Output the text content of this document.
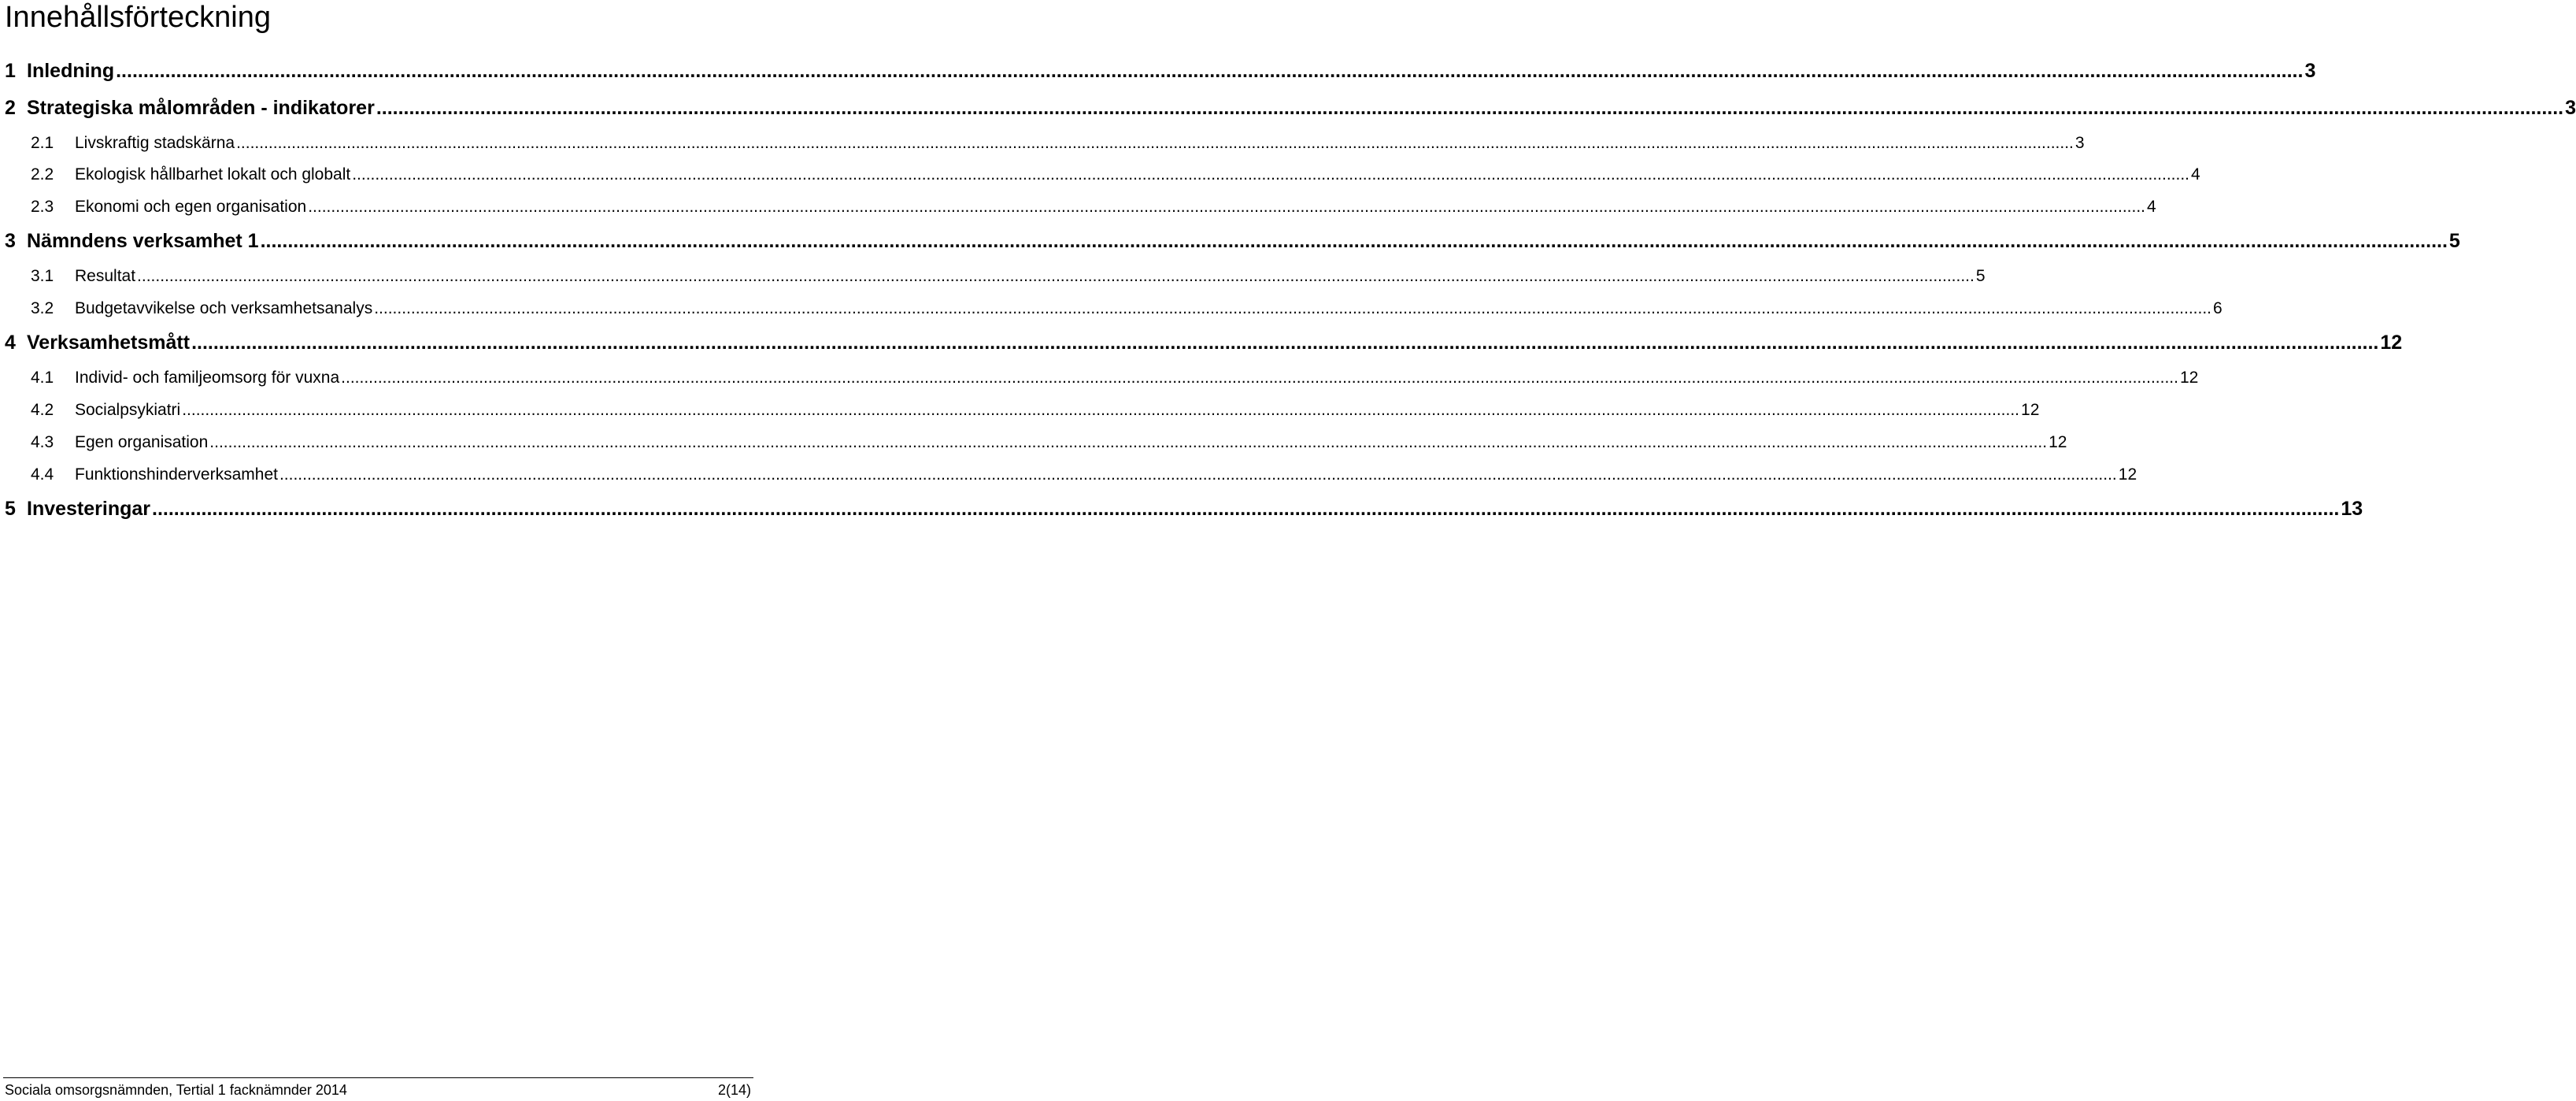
Innehållsförteckning
1 Inledning ................................................................................................................................................................................................................................................................................................................................................................................................................ 3
2 Strategiska målområden - indikatorer ................................................................................................................................................................................................................................................................................................................................................................................................................ 3
2.1	Livskraftig stadskärna ................................................................................................................................................................................................................................................................................................................................................................................................................ 3
2.2	Ekologisk hållbarhet lokalt och globalt ................................................................................................................................................................................................................................................................................................................................................................................................................ 4
2.3	Ekonomi och egen organisation ................................................................................................................................................................................................................................................................................................................................................................................................................ 4
3 Nämndens verksamhet 1 ................................................................................................................................................................................................................................................................................................................................................................................................................ 5
3.1	Resultat ................................................................................................................................................................................................................................................................................................................................................................................................................ 5
3.2	Budgetavvikelse och verksamhetsanalys ................................................................................................................................................................................................................................................................................................................................................................................................................ 6
4 Verksamhetsmått ................................................................................................................................................................................................................................................................................................................................................................................................................ 12
4.1	Individ- och familjeomsorg för vuxna ................................................................................................................................................................................................................................................................................................................................................................................................................ 12
4.2	Socialpsykiatri ................................................................................................................................................................................................................................................................................................................................................................................................................ 12
4.3	Egen organisation ................................................................................................................................................................................................................................................................................................................................................................................................................ 12
4.4	Funktionshinderverksamhet ................................................................................................................................................................................................................................................................................................................................................................................................................ 12
5 Investeringar ................................................................................................................................................................................................................................................................................................................................................................................................................ 13
Sociala omsorgsnämnden, Tertial 1 facknämnder 2014	2(14)
